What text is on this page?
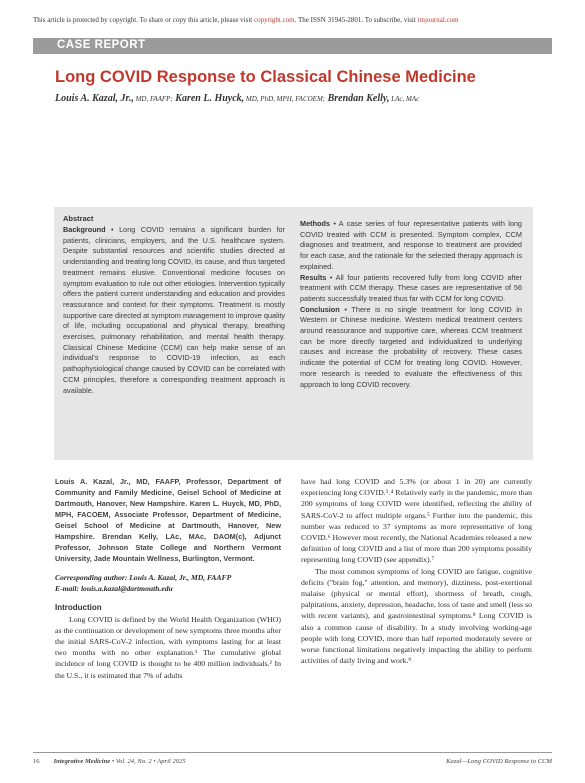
This article is protected by copyright. To share or copy this article, please visit copyright.com. The ISSN 31945-2801. To subscribe, visit imjournal.com
CASE REPORT
Long COVID Response to Classical Chinese Medicine
Louis A. Kazal, Jr., MD, FAAFP; Karen L. Huyck, MD, PhD, MPH, FACOEM; Brendan Kelly, LAc, MAc
Abstract

Background • Long COVID remains a significant burden for patients, clinicians, employers, and the U.S. healthcare system. Despite substantial resources and scientific studies directed at understanding and treating long COVID, its cause, and thus targeted treatment remains elusive. Conventional medicine focuses on symptom evaluation to rule out other etiologies. Intervention typically offers the patient current understanding and education and provides reassurance and context for their symptoms. Treatment is mostly supportive care directed at symptom management to improve quality of life, including occupational and physical therapy, breathing exercises, pulmonary rehabilitation, and mental health therapy. Classical Chinese Medicine (CCM) can help make sense of an individual's response to COVID-19 infection, as each pathophysiological change caused by COVID can be correlated with CCM principles, therefore a corresponding treatment approach is available.

Methods • A case series of four representative patients with long COVID treated with CCM is presented. Symptom complex, CCM diagnoses and treatment, and response to treatment are provided for each case, and the rationale for the selected therapy approach is explained.

Results • All four patients recovered fully from long COVID after treatment with CCM therapy. These cases are representative of 56 patients successfully treated thus far with CCM for long COVID.

Conclusion • There is no single treatment for long COVID in Western or Chinese medicine. Western medical treatment centers around reassurance and supportive care, whereas CCM treatment can be more directly targeted and individualized to underlying causes and increase the probability of recovery. These cases indicate the potential of CCM for treating long COVID. However, more research is needed to evaluate the effectiveness of this approach to long COVID recovery.

Louis A. Kazal, Jr., MD, FAAFP, Professor, Department of Community and Family Medicine, Geisel School of Medicine at Dartmouth, Hanover, New Hampshire. Karen L. Huyck, MD, PhD, MPH, FACOEM, Associate Professor, Department of Medicine, Geisel School of Medicine at Dartmouth, Hanover, New Hampshire. Brendan Kelly, LAc, MAc, DAOM(c), Adjunct Professor, Johnson State College and Northern Vermont University, Jade Mountain Wellness, Burlington, Vermont.

Corresponding author: Louis A. Kazal, Jr., MD, FAAFP
E-mail: louis.a.kazal@dartmouth.edu

Introduction

Long COVID is defined by the World Health Organization (WHO) as the continuation or development of new symptoms three months after the initial SARS-CoV-2 infection, with symptoms lasting for at least two months with no other explanation.¹ The cumulative global incidence of long COVID is thought to be 400 million individuals.² In the U.S., it is estimated that 7% of adults

have had long COVID and 5.3% (or about 1 in 20) are currently experiencing long COVID.³˒⁴ Relatively early in the pandemic, more than 200 symptoms of long COVID were identified, reflecting the ability of SARS-CoV-2 to affect multiple organs.⁵ Further into the pandemic, this number was reduced to 37 symptoms as more representative of long COVID.⁶ However most recently, the National Academies released a new definition of long COVID and a list of more than 200 symptoms possibly representing long COVID (see appendix).⁷

The most common symptoms of long COVID are fatigue, cognitive deficits ("brain fog," attention, and memory), dizziness, post-exertional malaise (physical or mental effort), shortness of breath, cough, palpitations, anxiety, depression, headache, loss of taste and smell (less so with recent variants), and gastrointestinal symptoms.⁸ Long COVID is also a common cause of disability. In a study involving working-age people with long COVID, more than half reported moderately severe or worse functional limitations negatively impacting the ability to perform activities of daily living and work.⁹

16 Integrative Medicine • Vol. 24, No. 2 • April 2025	Kazal—Long COVID Response to CCM
